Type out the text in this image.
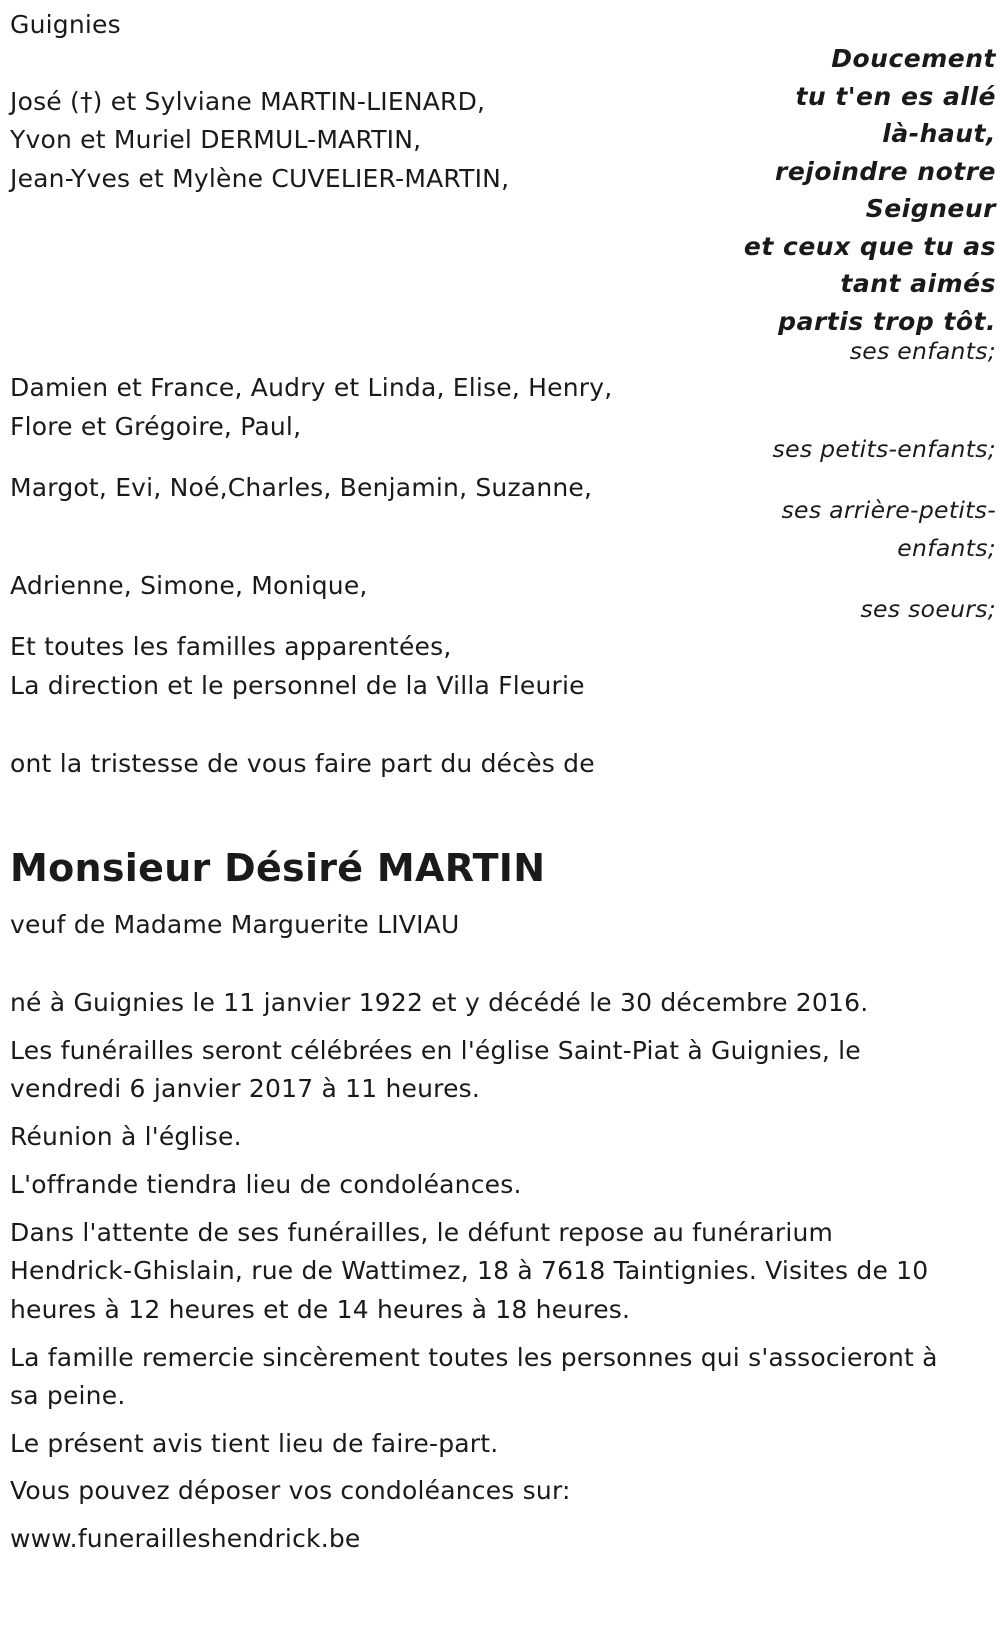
Guignies

José (†) et Sylviane MARTIN-LIENARD,

Yvon et Muriel DERMUL-MARTIN,

Jean-Yves et Mylène CUVELIER-MARTIN,

Doucement
tu t'en es allé
là-haut,
rejoindre notre
Seigneur
et ceux que tu as
tant aimés
partis trop tôt.

ses enfants;

ses petits-enfants;

ses arrière-petits-

enfants;

ses soeurs;

Damien et France, Audry et Linda, Elise, Henry,

Flore et Grégoire, Paul,

Margot, Evi, Noé,Charles, Benjamin, Suzanne,

Adrienne, Simone, Monique,

Et toutes les familles apparentées,

La direction et le personnel de la Villa Fleurie

ont la tristesse de vous faire part du décès de

Monsieur Désiré MARTIN

veuf de Madame Marguerite LIVIAU

né à Guignies le 11 janvier 1922 et y décédé le 30 décembre 2016.

Les funérailles seront célébrées en l'église Saint-Piat à Guignies, le

vendredi 6 janvier 2017 à 11 heures.

Réunion à l'église.

L'offrande tiendra lieu de condoléances.

Dans l'attente de ses funérailles, le défunt repose au funérarium

Hendrick-Ghislain, rue de Wattimez, 18 à 7618 Taintignies. Visites de 10

heures à 12 heures et de 14 heures à 18 heures.

La famille remercie sincèrement toutes les personnes qui s'associeront à

sa peine.

Le présent avis tient lieu de faire-part.

Vous pouvez déposer vos condoléances sur:

www.funerailleshendrick.be
